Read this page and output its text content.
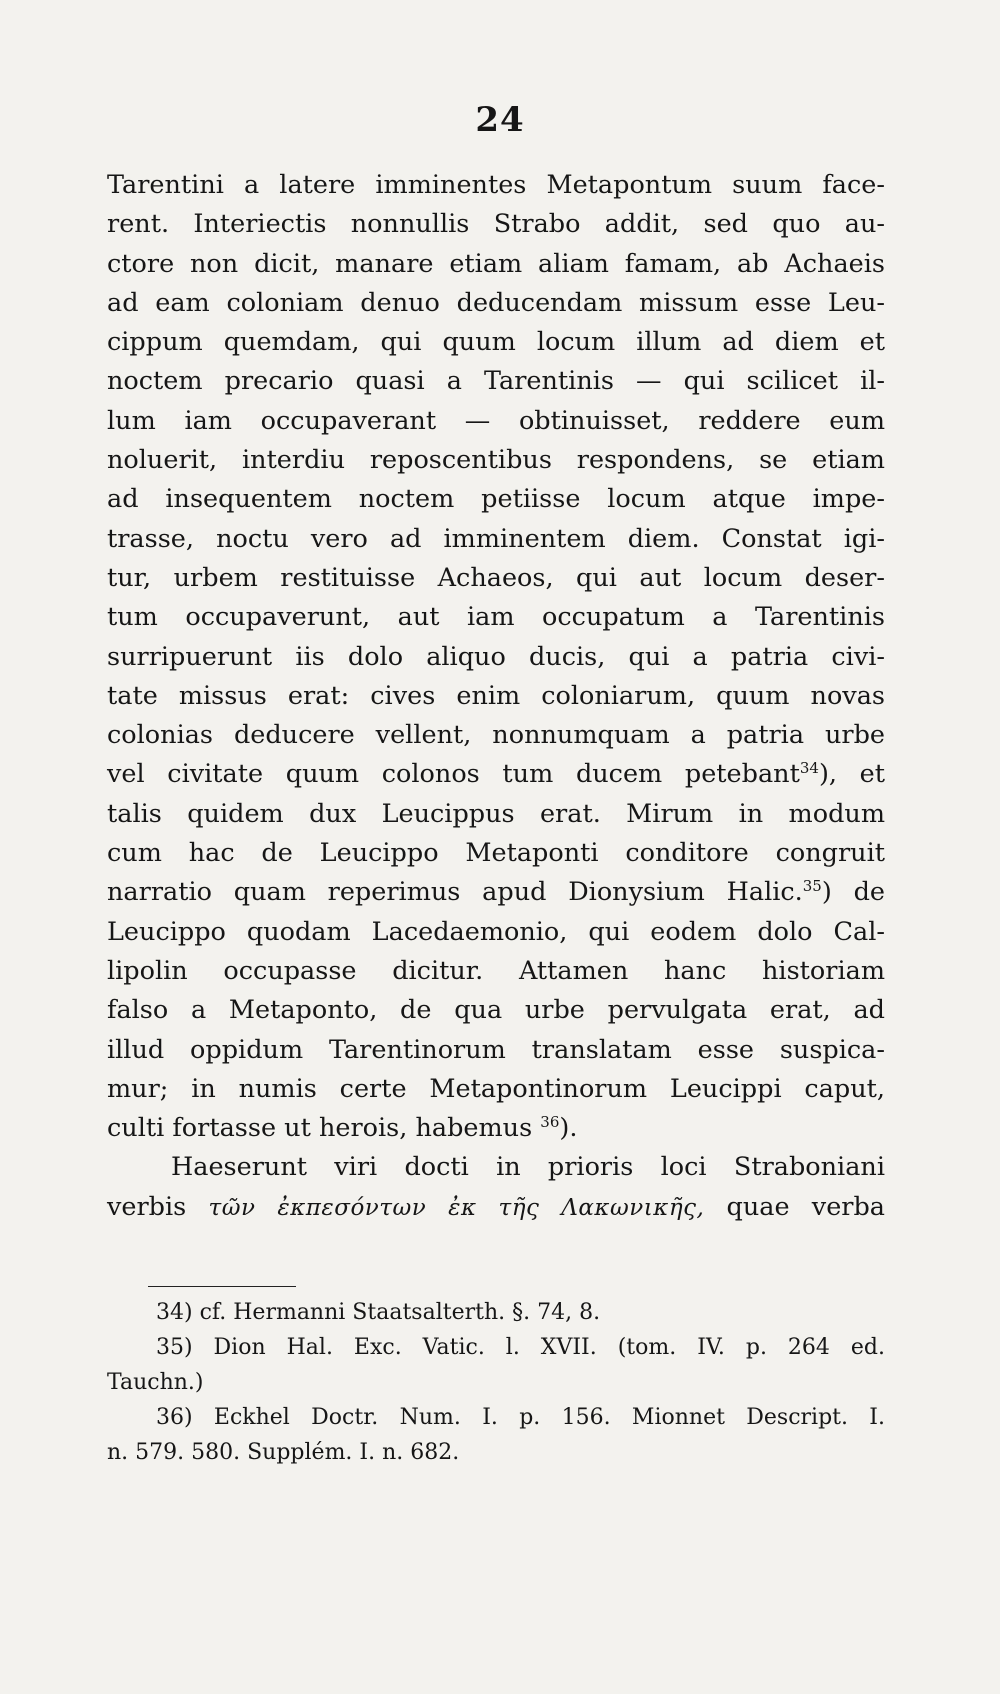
24
Tarentini a latere imminentes Metapontum suum face-
rent. Interiectis nonnullis Strabo addit, sed quo au-
ctore non dicit, manare etiam aliam famam, ab Achaeis
ad eam coloniam denuo deducendam missum esse Leu-
cippum quemdam, qui quum locum illum ad diem et
noctem precario quasi a Tarentinis — qui scilicet il-
lum iam occupaverant — obtinuisset, reddere eum
noluerit, interdiu reposcentibus respondens, se etiam
ad insequentem noctem petiisse locum atque impe-
trasse, noctu vero ad imminentem diem. Constat igi-
tur, urbem restituisse Achaeos, qui aut locum deser-
tum occupaverunt, aut iam occupatum a Tarentinis
surripuerunt iis dolo aliquo ducis, qui a patria civi-
tate missus erat: cives enim coloniarum, quum novas
colonias deducere vellent, nonnumquam a patria urbe
vel civitate quum colonos tum ducem petebant$^{34}$), et
talis quidem dux Leucippus erat. Mirum in modum
cum hac de Leucippo Metaponti conditore congruit
narratio quam reperimus apud Dionysium Halic.$^{35}$) de
Leucippo quodam Lacedaemonio, qui eodem dolo Cal-
lipolin occupasse dicitur. Attamen hanc historiam
falso a Metaponto, de qua urbe pervulgata erat, ad
illud oppidum Tarentinorum translatam esse suspica-
mur; in numis certe Metapontinorum Leucippi caput,
culti fortasse ut herois, habemus $^{36}$).
Haeserunt viri docti in prioris loci Straboniani
verbis τῶν ἐκπεσόντων ἐκ τῆς Λακωνικῆς, quae verba
34) cf. Hermanni Staatsalterth. §. 74, 8.
35) Dion Hal. Exc. Vatic. l. XVII. (tom. IV. p. 264 ed.
Tauchn.)
36) Eckhel Doctr. Num. I. p. 156. Mionnet Descript. I.
n. 579. 580. Supplém. I. n. 682.
